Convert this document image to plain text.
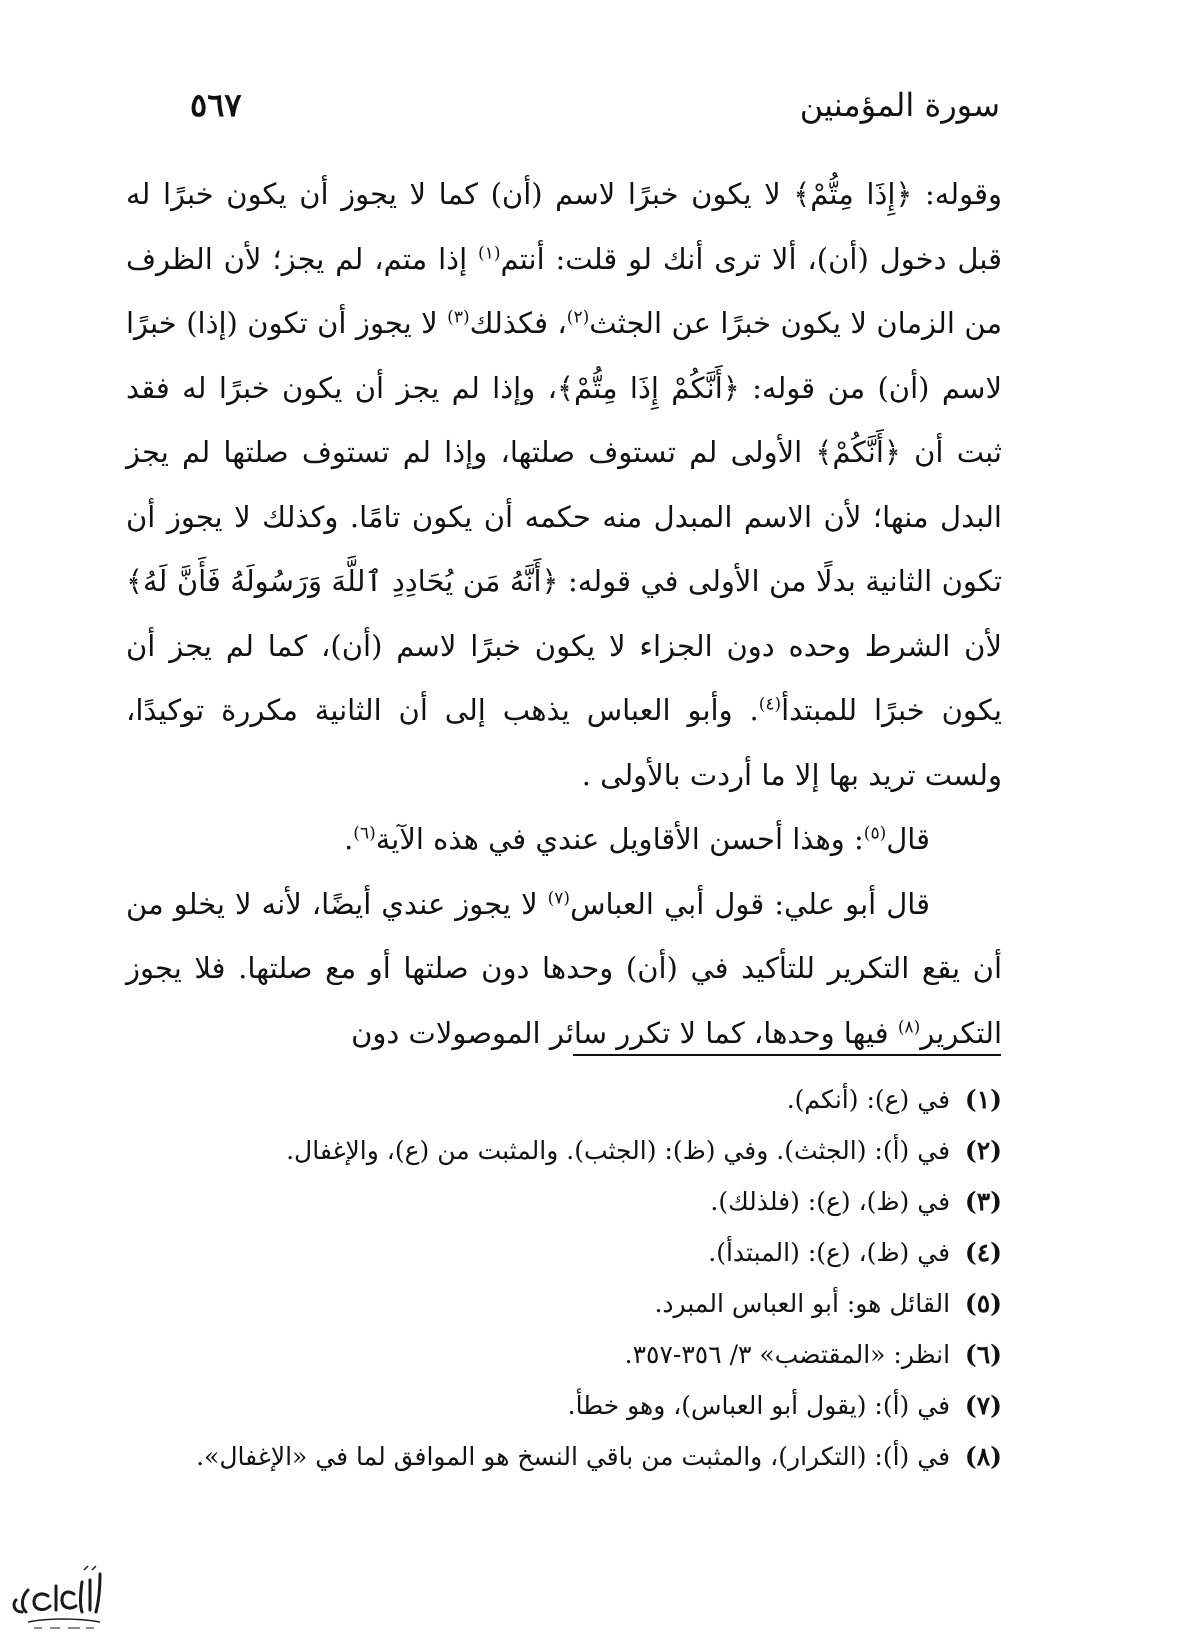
سورة المؤمنين
٥٦٧

وقوله: ﴿إِذَا مِتُّمْ﴾ لا يكون خبرًا لاسم (أن) كما لا يجوز أن يكون خبرًا له قبل دخول (أن)، ألا ترى أنك لو قلت: أنتم$^{(١)}$ إذا متم، لم يجز؛ لأن الظرف من الزمان لا يكون خبرًا عن الجثث$^{(٢)}$، فكذلك$^{(٣)}$ لا يجوز أن تكون (إذا) خبرًا لاسم (أن) من قوله: ﴿أَنَّكُمْ إِذَا مِتُّمْ﴾، وإذا لم يجز أن يكون خبرًا له فقد ثبت أن ﴿أَنَّكُمْ﴾ الأولى لم تستوف صلتها، وإذا لم تستوف صلتها لم يجز البدل منها؛ لأن الاسم المبدل منه حكمه أن يكون تامًا. وكذلك لا يجوز أن تكون الثانية بدلًا من الأولى في قوله: ﴿أَنَّهُ مَن يُحَادِدِ ٱللَّهَ وَرَسُولَهُ فَأَنَّ لَهُ﴾ لأن الشرط وحده دون الجزاء لا يكون خبرًا لاسم (أن)، كما لم يجز أن يكون خبرًا للمبتدأ$^{(٤)}$. وأبو العباس يذهب إلى أن الثانية مكررة توكيدًا، ولست تريد بها إلا ما أردت بالأولى .

قال$^{(٥)}$: وهذا أحسن الأقاويل عندي في هذه الآية$^{(٦)}$.

قال أبو علي: قول أبي العباس$^{(٧)}$ لا يجوز عندي أيضًا، لأنه لا يخلو من أن يقع التكرير للتأكيد في (أن) وحدها دون صلتها أو مع صلتها. فلا يجوز التكرير$^{(٨)}$ فيها وحدها، كما لا تكرر سائر الموصولات دون

(١) في (ع): (أنكم).
(٢) في (أ): (الجثث). وفي (ظ): (الجثب). والمثبت من (ع)، والإغفال.
(٣) في (ظ)، (ع): (فلذلك).
(٤) في (ظ)، (ع): (المبتدأ).
(٥) القائل هو: أبو العباس المبرد.
(٦) انظر: «المقتضب» ٣/ ٣٥٦-٣٥٧.
(٧) في (أ): (يقول أبو العباس)، وهو خطأ.
(٨) في (أ): (التكرار)، والمثبت من باقي النسخ هو الموافق لما في «الإغفال».
